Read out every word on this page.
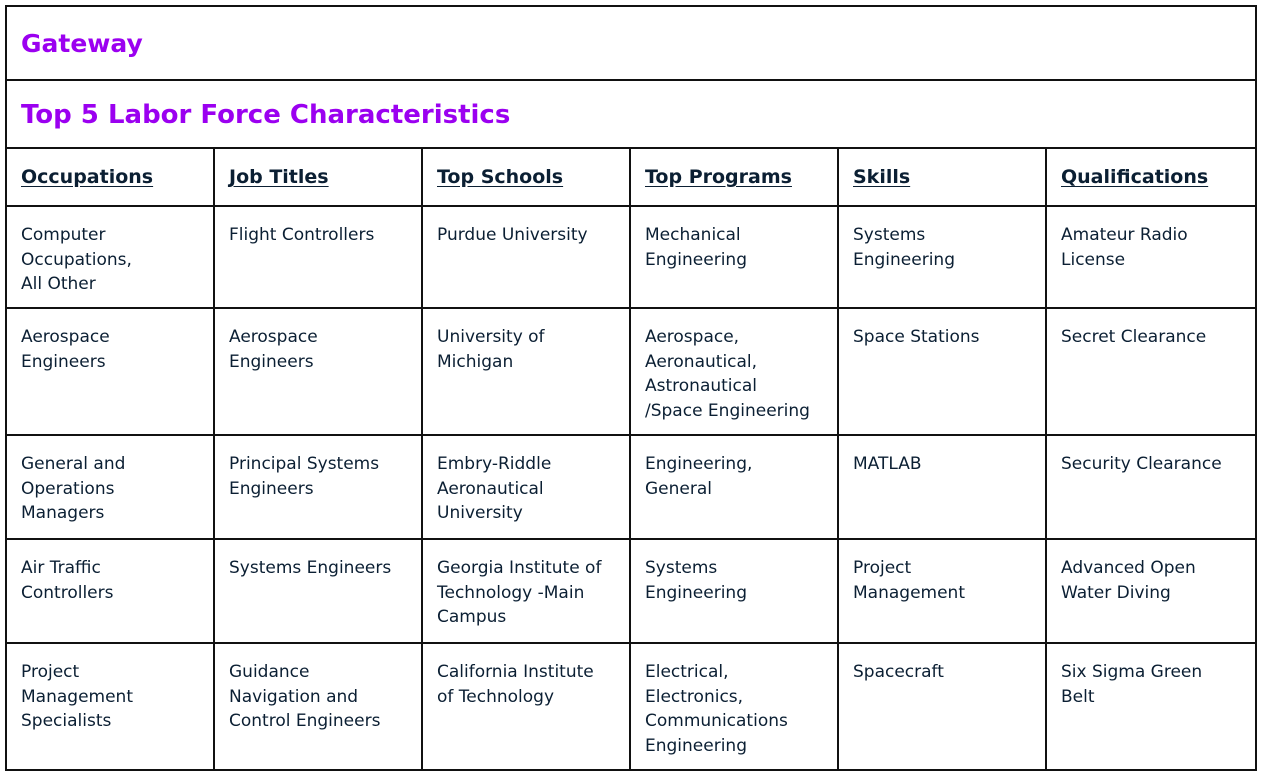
Gateway					

Top 5 Labor Force Characteristics					

Occupations	Job Titles	Top Schools	Top Programs	Skills	Qualifications

Computer
Occupations,
All Other	Flight Controllers	Purdue University	Mechanical
Engineering	Systems
Engineering	Amateur Radio
License

Aerospace
Engineers	Aerospace
Engineers	University of
Michigan	Aerospace,
Aeronautical,
Astronautical
/Space Engineering	Space Stations	Secret Clearance

General and
Operations
Managers	Principal Systems
Engineers	Embry-Riddle
Aeronautical
University	Engineering,
General	MATLAB	Security Clearance

Air Traffic
Controllers	Systems Engineers	Georgia Institute of
Technology -Main
Campus	Systems
Engineering	Project
Management	Advanced Open
Water Diving

Project
Management
Specialists	Guidance
Navigation and
Control Engineers	California Institute
of Technology	Electrical,
Electronics,
Communications
Engineering	Spacecraft	Six Sigma Green
Belt
